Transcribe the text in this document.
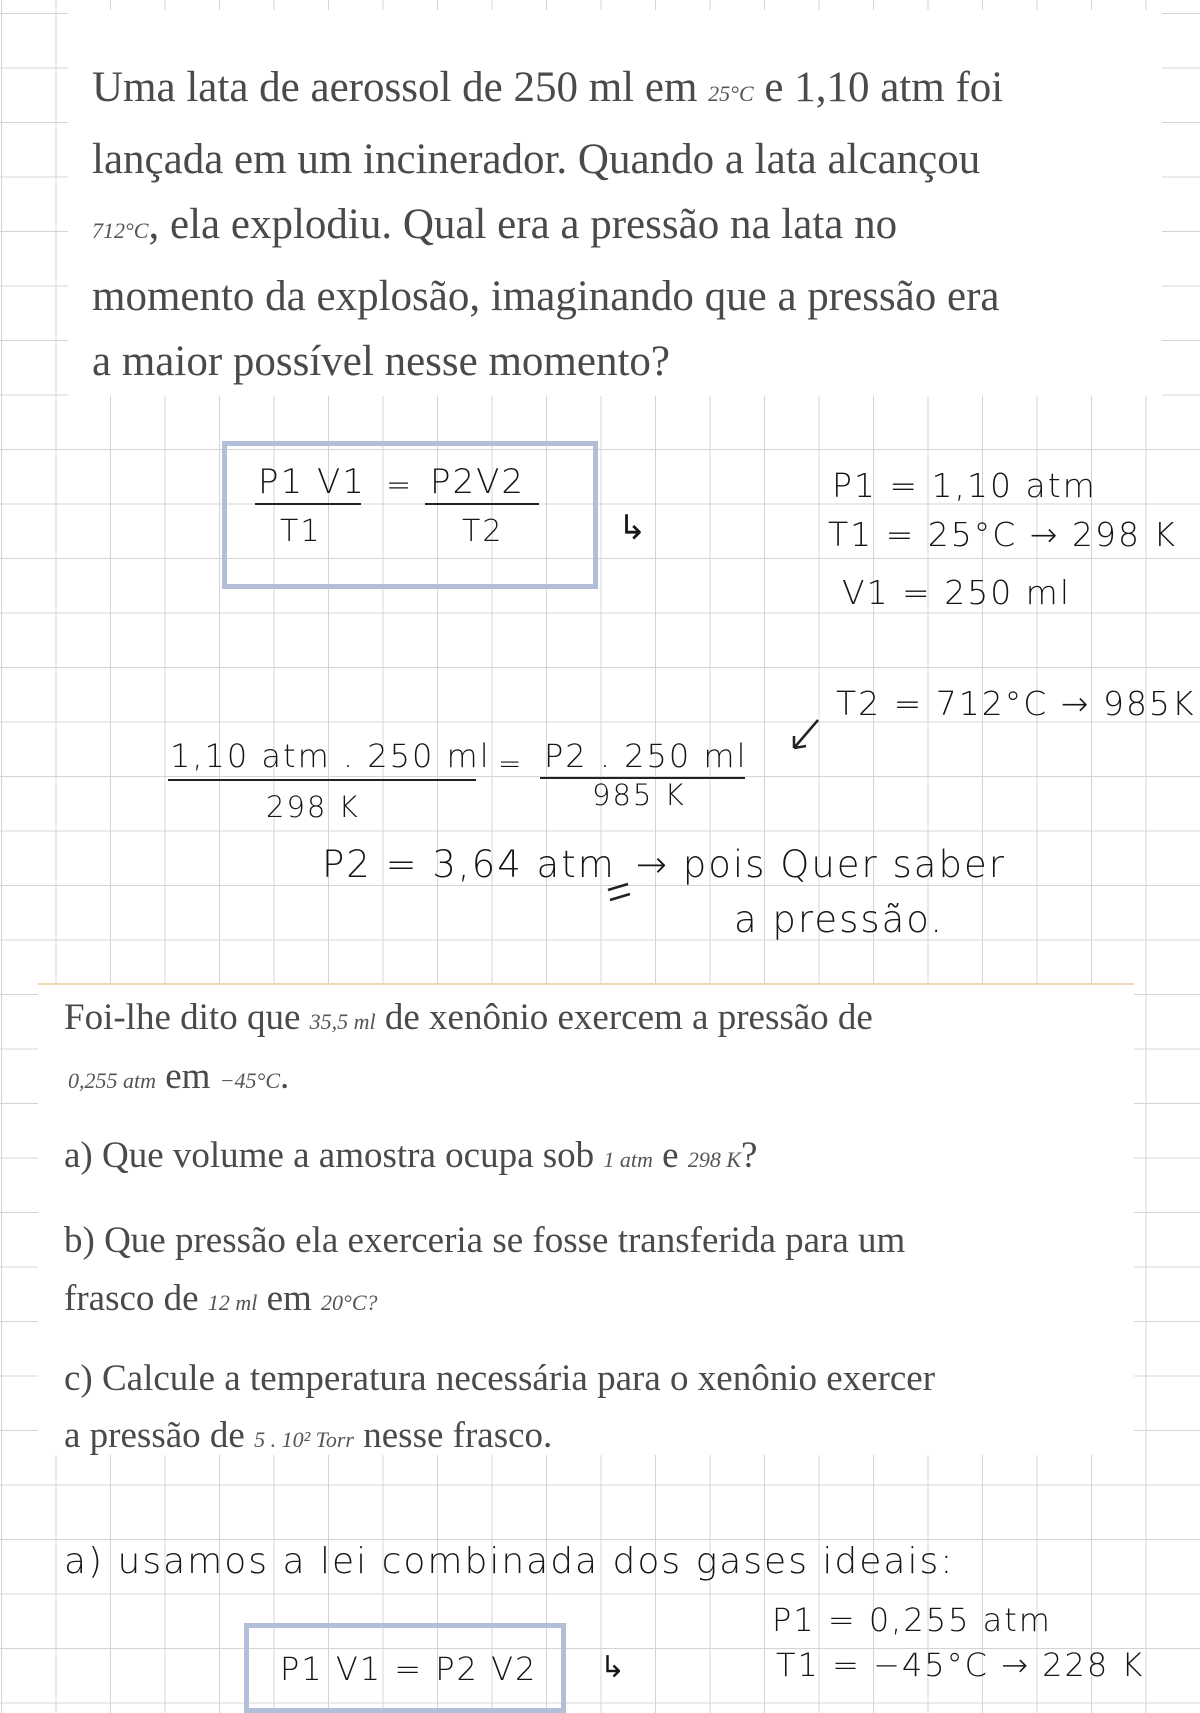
Uma lata de aerossol de 250 ml em 25°C e 1,10 atm foi
lançada em um incinerador. Quando a lata alcançou
712°C, ela explodiu. Qual era a pressão na lata no
momento da explosão, imaginando que a pressão era
a maior possível nesse momento?
P1 V1 = P2V2
T1	T2	↳
P1 = 1,10 atm
T1 = 25°C → 298 K
V1 = 250 ml
T2 = 712°C → 985K
1,10 atm . 250 ml
298 K
= P2 . 250 ml
985 K
P2 = 3,64 atm → pois Quer saber
a pressão.
Foi-lhe dito que 35,5 ml de xenônio exercem a pressão de
0,255 atm em −45°C.
a) Que volume a amostra ocupa sob 1 atm e 298 K?
b) Que pressão ela exerceria se fosse transferida para um
frasco de 12 ml em 20°C?
c) Calcule a temperatura necessária para o xenônio exercer
a pressão de 5 . 10² Torr nesse frasco.
a) usamos a lei combinada dos gases ideais:
P1 = 0,255 atm
T1 = −45°C → 228 K
P1 V1 = P2 V2 ↳
